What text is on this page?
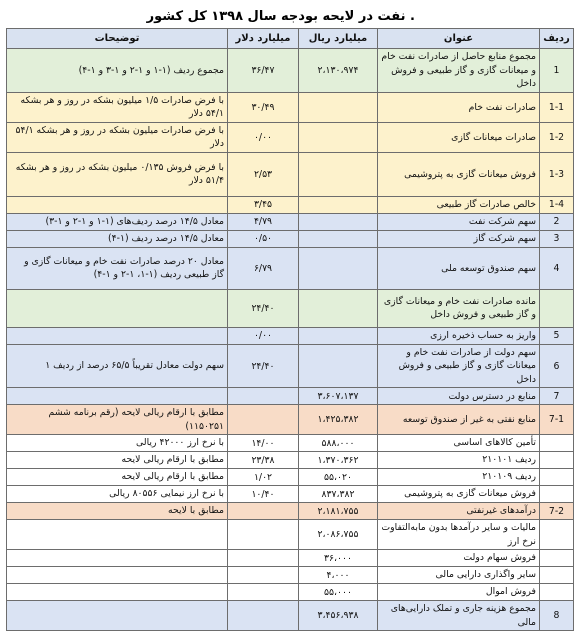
. نفت در لایحه بودجه سال ۱۳۹۸ کل کشور
ردیف	عنوان	میلیارد ریال	میلیارد دلار	توضیحات
1	مجموع منابع حاصل از صادرات نفت خام و میعانات گازی و گاز طبیعی و فروش داخل	۲،۱۳۰،۹۷۴	۳۶/۴۷	مجموع ردیف (۱-۱ و ۱-۲ و ۱-۳ و ۱-۴)
1-1	صادرات نفت خام		۳۰/۴۹	با فرض صادرات ۱/۵ میلیون بشکه در روز و هر بشکه ۵۴/۱ دلار
1-2	صادرات میعانات گازی		۰/۰۰	با فرض صادرات میلیون بشکه در روز و هر بشکه ۵۴/۱ دلار
1-3	فروش میعانات گازی به پتروشیمی		۲/۵۳	با فرض فروش ۰/۱۳۵ میلیون بشکه در روز و هر بشکه ۵۱/۴ دلار
1-4	خالص صادرات گاز طبیعی		۳/۴۵	
2	سهم شرکت نفت		۴/۷۹	معادل ۱۴/۵ درصد ردیف‌های (۱-۱ و ۱-۲ و ۱-۳)
3	سهم شرکت گاز		۰/۵۰	معادل ۱۴/۵ درصد ردیف (۱-۴)
4	سهم صندوق توسعه ملی		۶/۷۹	معادل ۲۰ درصد صادرات نفت خام و میعانات گازی و گاز طبیعی ردیف (۱-۱، ۱-۲ و ۱-۴)
	مانده صادرات نفت خام و میعانات گازی و گاز طبیعی و فروش داخل		۲۴/۴۰	
5	واریز به حساب ذخیره ارزی		۰/۰۰	
6	سهم دولت از صادرات نفت خام و میعانات گازی و گاز طبیعی و فروش داخل		۲۴/۴۰	سهم دولت معادل تقریباً ۶۵/۵ درصد از ردیف ۱
7	منابع در دسترس دولت	۳،۶۰۷،۱۳۷		
7-1	منابع نفتی به غیر از صندوق توسعه	۱،۴۲۵،۳۸۲		مطابق با ارقام ریالی لایحه (رقم برنامه ششم ۱۱۵۰۲۵۱)
	تأمین کالاهای اساسی	۵۸۸،۰۰۰	۱۴/۰۰	با نرخ ارز ۴۲۰۰۰ ریالی
	ردیف ۲۱۰۱۰۱	۱،۳۷۰،۳۶۲	۲۳/۳۸	مطابق با ارقام ریالی لایحه
	ردیف ۲۱۰۱۰۹	۵۵،۰۲۰	۱/۰۲	مطابق با ارقام ریالی لایحه
	فروش میعانات گازی به پتروشیمی	۸۳۷،۳۸۲	۱۰/۴۰	با نرخ ارز نیمایی ۸۰۵۵۶ ریالی
7-2	درآمدهای غیرنفتی	۲،۱۸۱،۷۵۵		مطابق با لایحه
	مالیات و سایر درآمدها بدون مابه‌التفاوت نرخ ارز	۲،۰۸۶،۷۵۵		
	فروش سهام دولت	۳۶،۰۰۰		
	سایر واگذاری دارایی مالی	۴،۰۰۰		
	فروش اموال	۵۵،۰۰۰		
8	مجموع هزینه جاری و تملک دارایی‌های مالی	۳،۴۵۶،۹۳۸		
